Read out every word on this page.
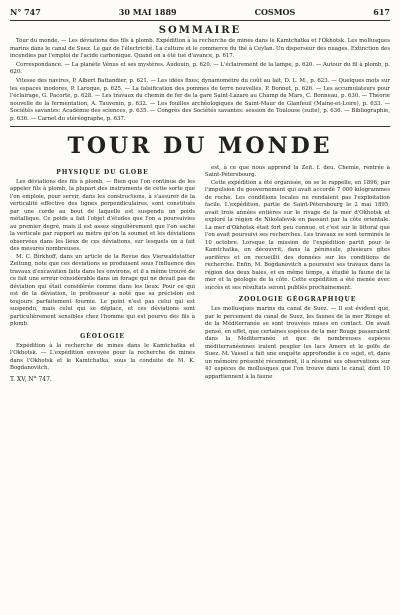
N° 747	30 MAI 1889	COSMOS	617
SOMMAIRE

Tour du monde. — Les déviations des fils à plomb. Expédition à la recherche de mines dans le Kamtchatka et l'Okhotsk. Les mollusques marins dans le canal de Suez. Le gaz de l'électricité. La culture et le commerce du thé à Ceylan. Un disperseur des nuages. Extinction des incendies par l'emploi de l'acide carbonique. Quand on a été tué d'avance, p. 617.

Correspondance. — La planète Vénus et ses mystères. Audouin, p. 620. — L'éclairement de la lampe, p. 620. — Autour du fil à plomb, p. 620.

Vitesse des navires, P. Albert Battandier, p. 621. — Les idées fixes; dynamomètre du coût au lait, D. L. M., p. 623. — Quelques mots sur les espaces inodores, P. Laroque, p. 625. — La falsification des pommes de terre nouvelles, P. Bonnet, p. 626. — Les accumulateurs pour l'éclairage, G. Pacorte, p. 628. — Les travaux du chemin de fer de la gare Saint-Lazare au Champ de Mars, C. Bonneau, p. 630. — Théorie nouvelle de la fermentation, A. Tauvenin, p. 632. — Les fouilles archéologiques de Saint-Maur de Glanfeuil (Maine-et-Loire), p. 633. — Sociétés savantes: Académie des sciences, p. 635. — Congrès des Sociétés savantes: session de Toulouse (suite), p. 636. — Bibliographie, p. 636. — Carnet du stéréographe, p. 637.

TOUR DU MONDE
PHYSIQUE DU GLOBE

Les déviations des fils à plomb. — Bien que l'on continue de les appeler fils à plomb, la plupart des instruments de cette sorte que l'on emploie, pour servir, dans les constructions, à s'assurer de la verticalité effective des lignes perpendiculaires, sont constitués par une corde au bout de laquelle est suspendu un poids métallique. Ce poids a fait l'objet d'études que l'on a poursuivies au premier degré, mais il est assez singulièrement que l'on sache la verticale par rapport au mètre qu'on la soumet et les déviations observées dans les lieux de ces déviations, sur lesquels on a fait des mesures nombreuses.

M. C. Birkhoff, dans un article de la Revue des Vierwaldstatter Zeitung, note que ces déviations se produisent sous l'influence des travaux d'excavation faits dans les environs, et il a même trouvé de ce fait une erreur considérable dans un forage qui ne devait pas de déviation qui était considérée comme dans les lieux. Pour ce qui est de la déviation, le professeur a noté que sa précision est toujours parfaitement fournie. Le point n'est pas celui qui est suspendu, mais celui qui se déplace, et ces déviations sont particulièrement sensibles chez l'homme qui est pourvu des fils à plomb.

GÉOLOGIE

Expédition à la recherche de mines dans le Kamtchatka et l'Okhotsk. — L'expédition envoyée pour la recherche de mines dans l'Okhotsk et le Kamtchatka, sous la conduite de M. K. Bogdanovitch,

T. XV, N° 747.

est, à ce que nous apprend la Zeit. f. deu. Chemie, rentrée à Saint-Pétersbourg.

Cette expédition a été organisée, on se le rappelle, en 1896, par l'impulsion du gouvernement qui avait accordé 7 000 kilogrammes de roche. Les conditions locales ne rendaient pas l'exploitation facile. L'expédition, partie de Saint-Pétersbourg le 2 mai 1895, avait trois années entières sur le rivage de la mer d'Okhotsk et exploré la région de Nikolaïevsk en passant par la côte orientale. La mer d'Okhotsk était fort peu connue, et c'est sur le littoral que l'on avait poursuivi ses recherches. Les travaux se sont terminés le 10 octobre. Lorsque la mission de l'expédition partit pour le Kamtchatka, on découvrit, dans la péninsule, plusieurs gîtes aurifères et on recueillit des données sur les conditions de recherche. Enfin, M. Bogdanovitch a poursuivi ses travaux dans la région des deux baies, et en même temps, a étudié la faune de la mer et la géologie de la côte. Cette expédition a été menée avec succès et ses résultats seront publiés prochainement.

ZOOLOGIE GÉOGRAPHIQUE

Les mollusques marins du canal de Suez. — Il est évident que, par le percement du canal de Suez, les faunes de la mer Rouge et de la Méditerranée se sont trouvées mises en contact. On avait pensé, en effet, que certaines espèces de la mer Rouge passeraient dans la Méditerranée et que de nombreuses espèces méditerranéennes iraient peupler les lacs Amers et le golfe de Suez. M. Vassel a fait une enquête approfondie à ce sujet, et, dans un mémoire présenté récemment, il a résumé ses observations sur 41 espèces de mollusques que l'on trouve dans le canal, dont 10 appartiennent à la faune
